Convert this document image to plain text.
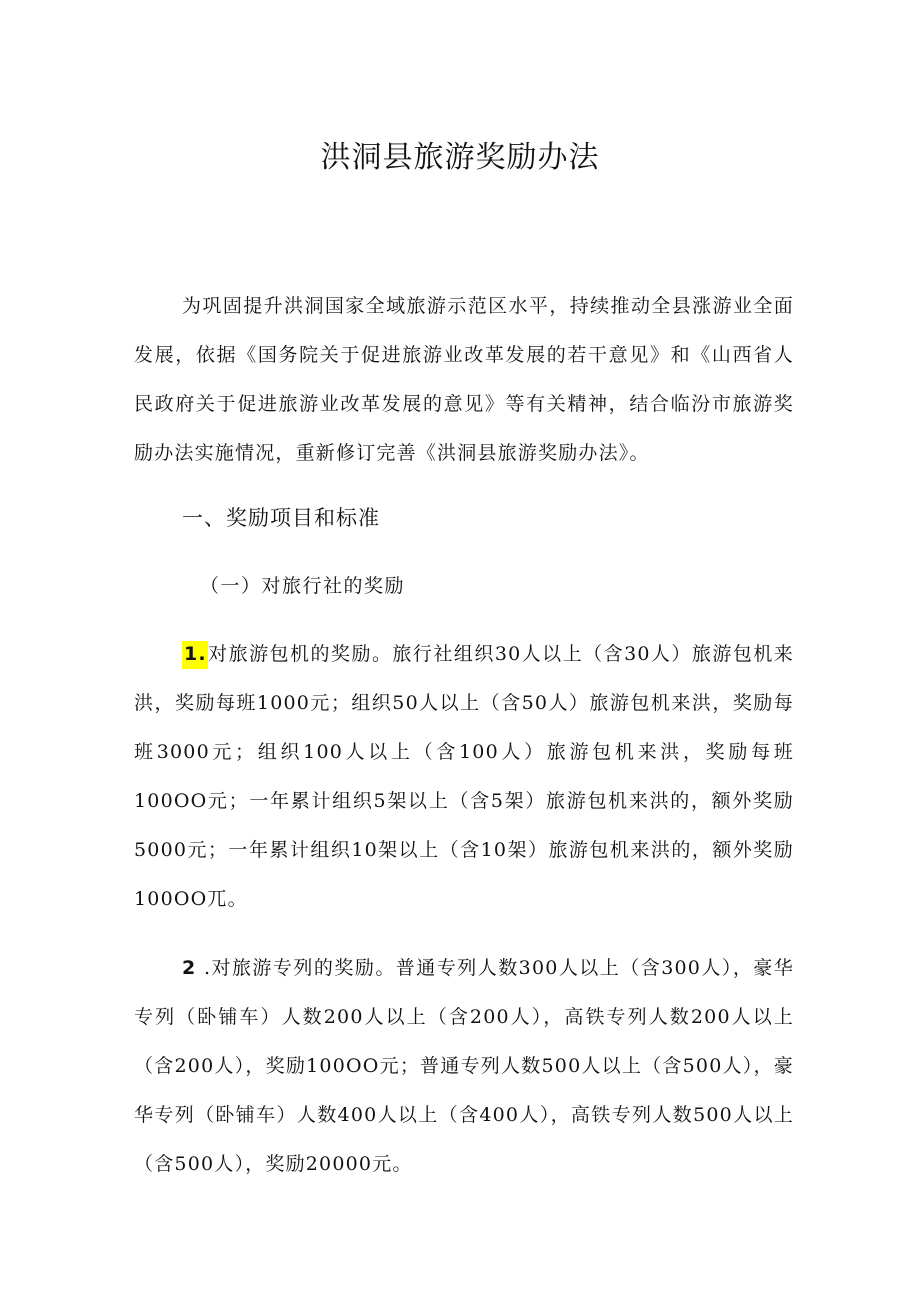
洪洞县旅游奖励办法
为巩固提升洪洞国家全域旅游示范区水平，持续推动全县涨游业全面发展，依据《国务院关于促进旅游业改革发展的若干意见》和《山西省人民政府关于促进旅游业改革发展的意见》等有关精神，结合临汾市旅游奖励办法实施情况，重新修订完善《洪洞县旅游奖励办法》。
一、奖励项目和标准
（一）对旅行社的奖励
1.对旅游包机的奖励。旅行社组织30人以上（含30人）旅游包机来洪，奖励每班1000元；组织50人以上（含50人）旅游包机来洪，奖励每班3000元；组织100人以上（含100人）旅游包机来洪，奖励每班100OO元；一年累计组织5架以上（含5架）旅游包机来洪的，额外奖励5000元；一年累计组织10架以上（含10架）旅游包机来洪的，额外奖励100OO兀。
2 .对旅游专列的奖励。普通专列人数300人以上（含300人），豪华专列（卧铺车）人数200人以上（含200人），高铁专列人数200人以上（含200人），奖励100OO元；普通专列人数500人以上（含500人），豪华专列（卧铺车）人数400人以上（含400人），高铁专列人数500人以上（含500人），奖励20000元。
